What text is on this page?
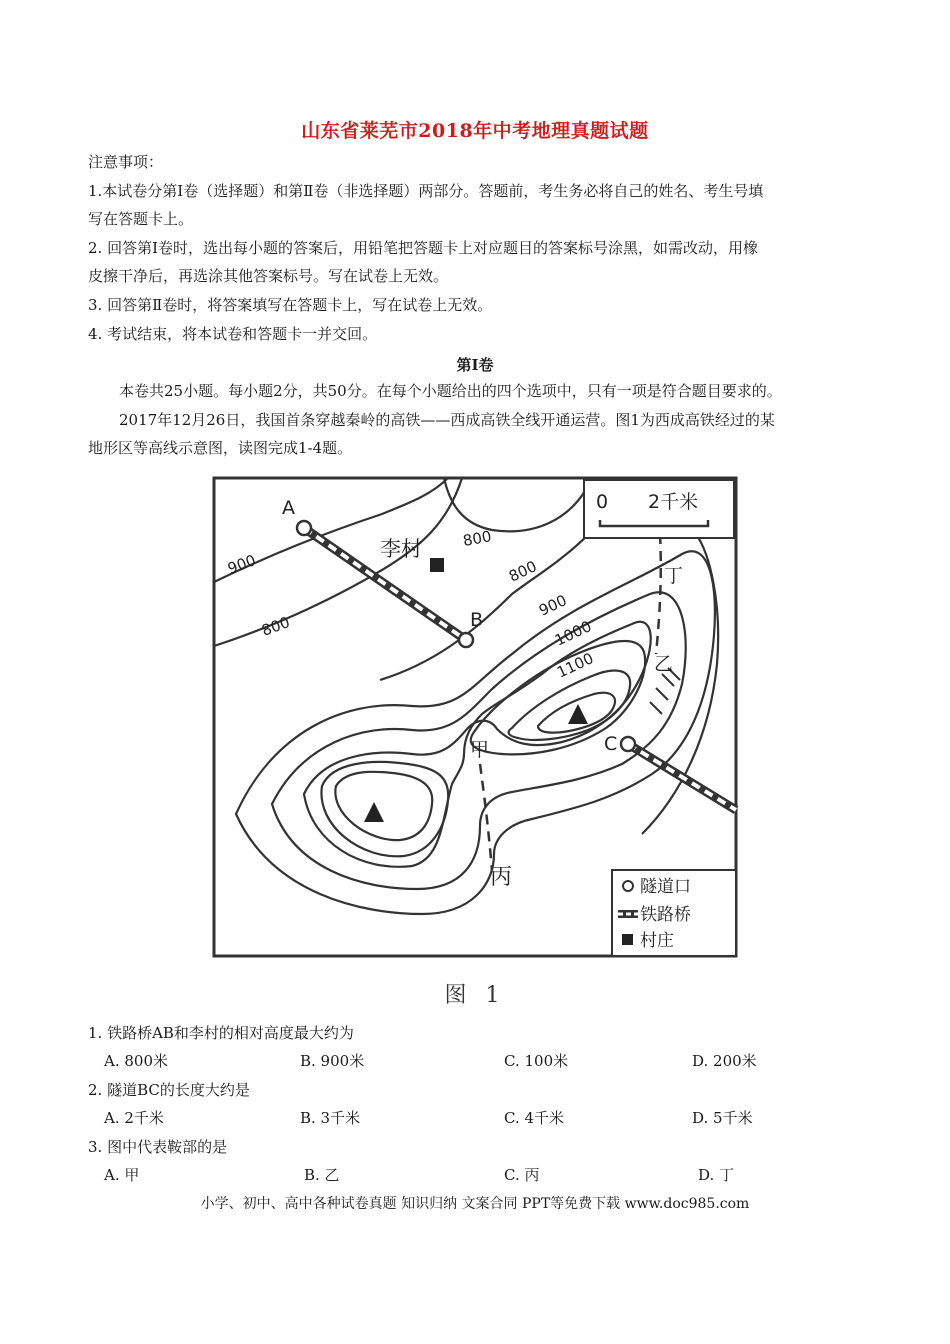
山东省莱芜市2018年中考地理真题试题
注意事项：
1.本试卷分第Ⅰ卷（选择题）和第Ⅱ卷（非选择题）两部分。答题前，考生务必将自己的姓名、考生号填
写在答题卡上。
2. 回答第Ⅰ卷时，选出每小题的答案后，用铅笔把答题卡上对应题目的答案标号涂黑，如需改动，用橡
皮擦干净后，再选涂其他答案标号。写在试卷上无效。
3. 回答第Ⅱ卷时，将答案填写在答题卡上，写在试卷上无效。
4. 考试结束，将本试卷和答题卡一并交回。
第Ⅰ卷
本卷共25小题。每小题2分，共50分。在每个小题给出的四个选项中，只有一项是符合题目要求的。
2017年12月26日，我国首条穿越秦岭的高铁——西成高铁全线开通运营。图1为西成高铁经过的某
地形区等高线示意图，读图完成1-4题。
A
B
C
李村
甲
乙
丙
丁
900
800
800
800
900
1000
1100
0 2千米
隧道口
铁路桥
村庄
图 1
1. 铁路桥AB和李村的相对高度最大约为
A. 800米	B. 900米	C. 100米	D. 200米
2. 隧道BC的长度大约是
A. 2千米	B. 3千米	C. 4千米	D. 5千米
3. 图中代表鞍部的是
A. 甲	B. 乙	C. 丙	D. 丁
小学、初中、高中各种试卷真题 知识归纳 文案合同 PPT等免费下载 www.doc985.com
